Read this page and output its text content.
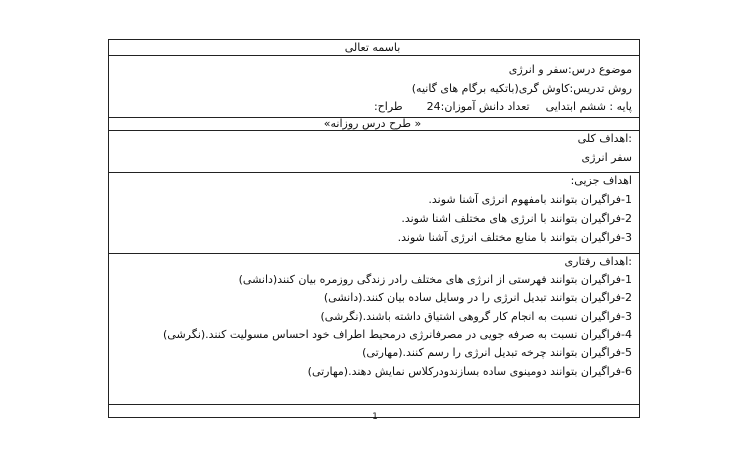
باسمه تعالی

موضوع درس:سفر و انرژی
روش تدریس:کاوش گری(باتکیه برگام های گانیه)
پایه : ششم ابتدایی
تعداد دانش آموزان:24
طراح:

« طرح درس روزانه»

:اهداف کلی
سفر انرژی

اهداف جزیی:
1-فراگیران بتوانند بامفهوم انرژی آشنا شوند.
2-فراگیران بتوانند با انرژی های مختلف اشنا شوند.
3-فراگیران بتوانند با منابع مختلف انرژی آشنا شوند.

:اهداف رفتاری
1-فراگیران بتوانند فهرستی از انرژی های مختلف رادر زندگی روزمره بیان کنند(دانشی)
2-فراگیران بتوانند تبدیل انرژی را در وسایل ساده بیان کنند.(دانشی)
3-فراگیران نسبت به انجام کار گروهی اشتیاق داشته باشند.(نگرشی)
4-فراگیران نسبت به صرفه جویی در مصرفانرژی درمحیط اطراف خود احساس مسولیت کنند.(نگرشی)
5-فراگیران بتوانند چرخه تبدیل انرژی را رسم کنند.(مهارتی)
6-فراگیران بتوانند دومینوی ساده بسازندودرکلاس نمایش دهند.(مهارتی)

1
